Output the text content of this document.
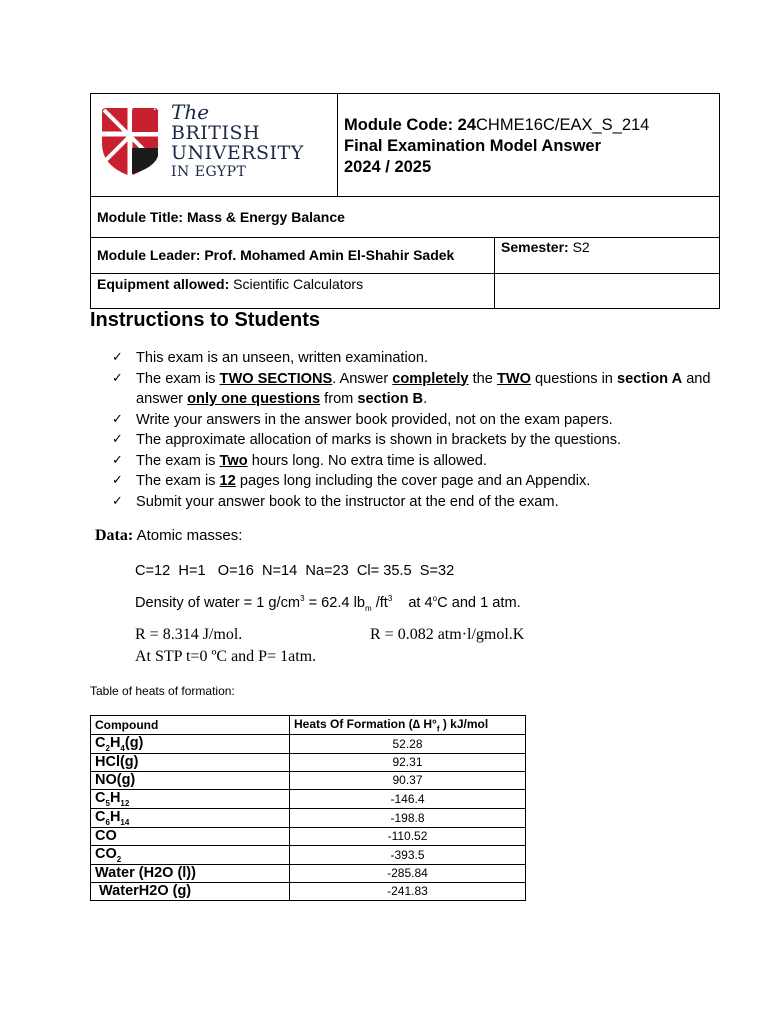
The
BRITISH
UNIVERSITY
IN EGYPT
Module Code: 24CHME16C/EAX_S_214
Final Examination Model Answer
2024 / 2025
Module Title: Mass & Energy Balance
Module Leader: Prof. Mohamed Amin El-Shahir Sadek	Semester: S2
Equipment allowed: Scientific Calculators
Instructions to Students
✓ This exam is an unseen, written examination.
✓ The exam is TWO SECTIONS. Answer completely the TWO questions in section A and answer only one questions from section B.
✓ Write your answers in the answer book provided, not on the exam papers.
✓ The approximate allocation of marks is shown in brackets by the questions.
✓ The exam is Two hours long. No extra time is allowed.
✓ The exam is 12 pages long including the cover page and an Appendix.
✓ Submit your answer book to the instructor at the end of the exam.
Data: Atomic masses:
C=12  H=1   O=16  N=14  Na=23  Cl= 35.5  S=32
Density of water = 1 $g/cm^3 = 62.4$ $lb_m$ $/ft^3$ at 4$^o$C and 1 atm.
R = 8.314 J/mol.	R = 0.082 atm·l/gmol.K
At STP t=0 ºC and P= 1atm.
Table of heats of formation:
Compound	Heats Of Formation (∆ $H^\circ_f$ ) kJ/mol
$C_2H_4(g)$	52.28
HCl(g)	92.31
NO(g)	90.37
$C_5H_{12}$	-146.4
$C_6H_{14}$	-198.8
CO	-110.52
$CO_2$	-393.5
Water (H2O (l))	-285.84
WaterH2O (g)	-241.83
